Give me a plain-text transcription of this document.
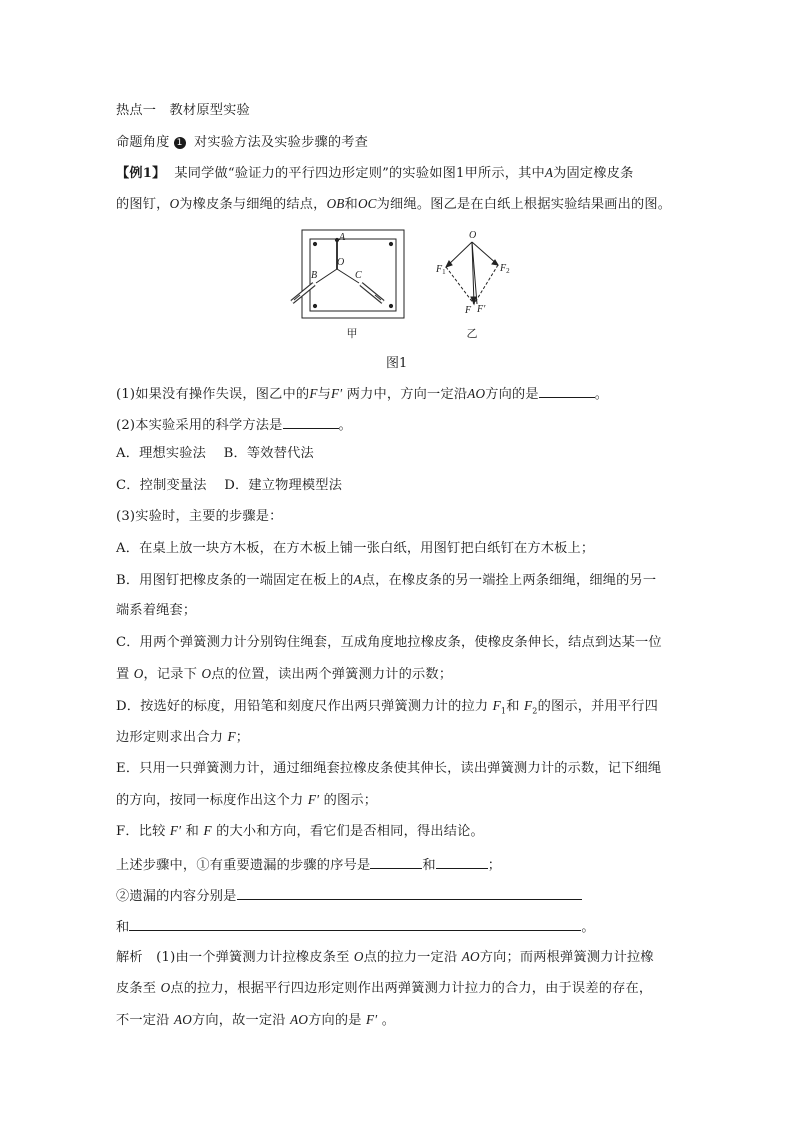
热点一　教材原型实验
命题角度 1 对实验方法及实验步骤的考查
【例1】 某同学做“验证力的平行四边形定则”的实验如图1甲所示，其中A为固定橡皮条
的图钉，O为橡皮条与细绳的结点，OB和OC为细绳。图乙是在白纸上根据实验结果画出的图。
A
O
B	C
甲
O
$F_1$	$F_2$
F F′
乙
图1
(1)如果没有操作失误，图乙中的F与F′ 两力中，方向一定沿AO方向的是	。
(2)本实验采用的科学方法是	。
A．理想实验法 B．等效替代法
C．控制变量法 D．建立物理模型法
(3)实验时，主要的步骤是：
A．在桌上放一块方木板，在方木板上铺一张白纸，用图钉把白纸钉在方木板上；
B．用图钉把橡皮条的一端固定在板上的A点，在橡皮条的另一端拴上两条细绳，细绳的另一
端系着绳套；
C．用两个弹簧测力计分别钩住绳套，互成角度地拉橡皮条，使橡皮条伸长，结点到达某一位
置 O，记录下 O点的位置，读出两个弹簧测力计的示数；
D．按选好的标度，用铅笔和刻度尺作出两只弹簧测力计的拉力 $F_1$和 $F_2$的图示，并用平行四
边形定则求出合力 F；
E．只用一只弹簧测力计，通过细绳套拉橡皮条使其伸长，读出弹簧测力计的示数，记下细绳
的方向，按同一标度作出这个力 F′ 的图示；
F．比较 F′ 和 F 的大小和方向，看它们是否相同，得出结论。
上述步骤中，①有重要遗漏的步骤的序号是	和	；
②遗漏的内容分别是
和	。
解析　(1)由一个弹簧测力计拉橡皮条至 O点的拉力一定沿 AO方向；而两根弹簧测力计拉橡
皮条至 O点的拉力，根据平行四边形定则作出两弹簧测力计拉力的合力，由于误差的存在，
不一定沿 AO方向，故一定沿 AO方向的是 F′ 。
